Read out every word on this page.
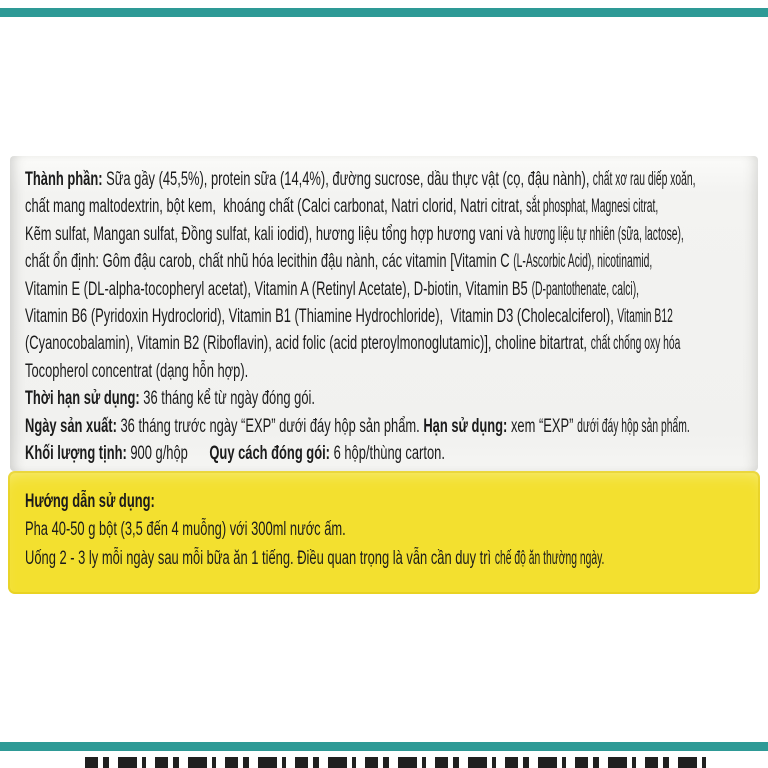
Thành phần: Sữa gầy (45,5%), protein sữa (14,4%), đường sucrose, dầu thực vật (cọ, đậu nành), chất xơ rau diếp xoăn,
chất mang maltodextrin, bột kem,  khoáng chất (Calci carbonat, Natri clorid, Natri citrat, sắt phosphat, Magnesi citrat,
Kẽm sulfat, Mangan sulfat, Đồng sulfat, kali iodid), hương liệu tổng hợp hương vani và hương liệu tự nhiên (sữa, lactose),
chất ổn định: Gôm đậu carob, chất nhũ hóa lecithin đậu nành, các vitamin [Vitamin C (L-Ascorbic Acid), nicotinamid,
Vitamin E (DL-alpha-tocopheryl acetat), Vitamin A (Retinyl Acetate), D-biotin, Vitamin B5 (D-pantothenate, calci),
Vitamin B6 (Pyridoxin Hydroclorid), Vitamin B1 (Thiamine Hydrochloride),  Vitamin D3 (Cholecalciferol), Vitamin B12
(Cyanocobalamin), Vitamin B2 (Riboflavin), acid folic (acid pteroylmonoglutamic)], choline bitartrat, chất chống oxy hóa
Tocopherol concentrat (dạng hỗn hợp).
Thời hạn sử dụng: 36 tháng kể từ ngày đóng gói.
Ngày sản xuất: 36 tháng trước ngày “EXP” dưới đáy hộp sản phẩm. Hạn sử dụng: xem “EXP” dưới đáy hộp sản phẩm.
Khối lượng tịnh: 900 g/hộp      Quy cách đóng gói: 6 hộp/thùng carton.
Hướng dẫn sử dụng:
Pha 40-50 g bột (3,5 đến 4 muỗng) với 300ml nước ấm.
Uống 2 - 3 ly mỗi ngày sau mỗi bữa ăn 1 tiếng. Điều quan trọng là vẫn cần duy trì chế độ ăn thường ngày.
